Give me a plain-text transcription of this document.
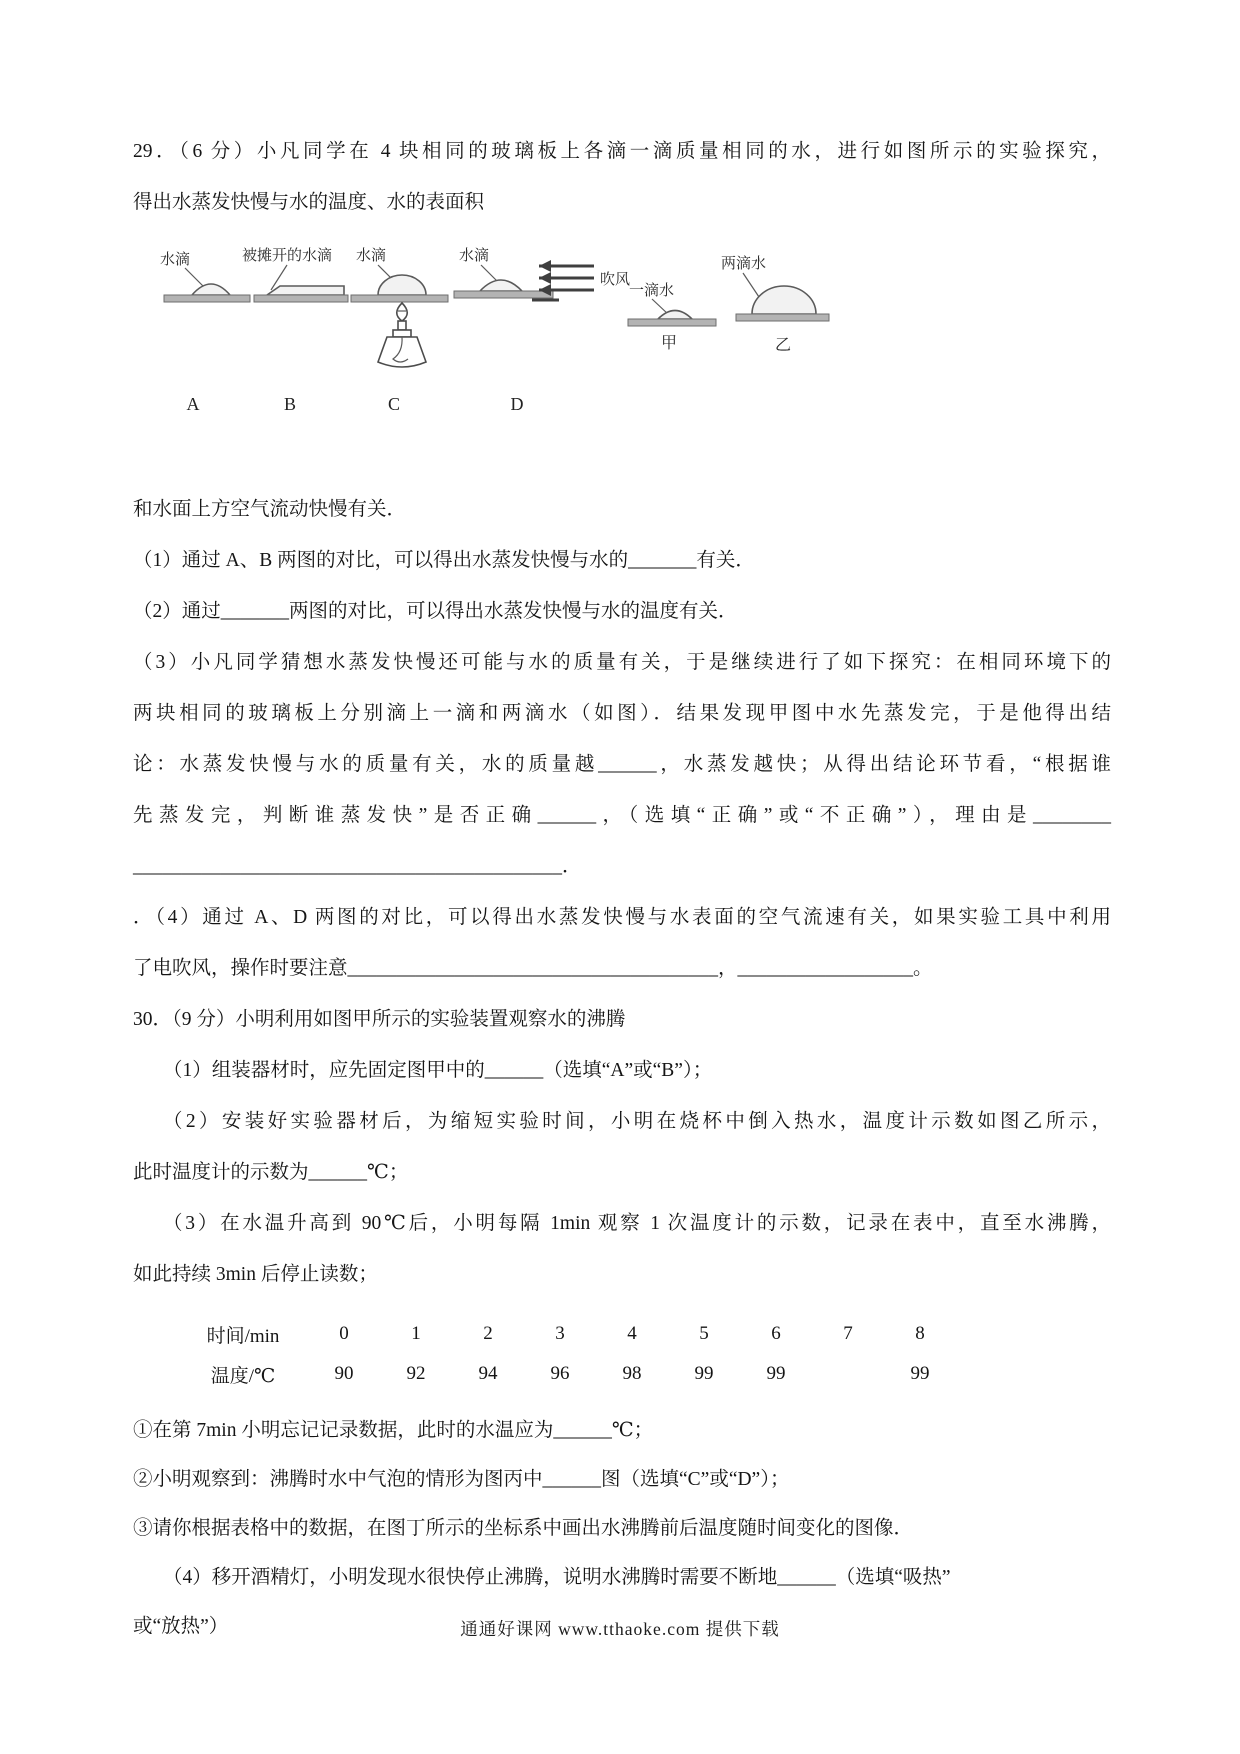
29．（6 分）小凡同学在 4 块相同的玻璃板上各滴一滴质量相同的水，进行如图所示的实验探究，

得出水蒸发快慢与水的温度、水的表面积

水滴
A
被摊开的水滴
B
水滴
C
水滴
吹风
D
一滴水
甲
两滴水
乙

和水面上方空气流动快慢有关．

（1）通过 A、B 两图的对比，可以得出水蒸发快慢与水的_______有关．

（2）通过_______两图的对比，可以得出水蒸发快慢与水的温度有关．

（3）小凡同学猜想水蒸发快慢还可能与水的质量有关，于是继续进行了如下探究：在相同环境下的

两块相同的玻璃板上分别滴上一滴和两滴水（如图）．结果发现甲图中水先蒸发完，于是他得出结

论：水蒸发快慢与水的质量有关，水的质量越______，水蒸发越快；从得出结论环节看，“根据谁

先蒸发完，判断谁蒸发快”是否正确______，（选填“正确”或“不正确”），理由是________

____________________________________________．

．（4）通过 A、D 两图的对比，可以得出水蒸发快慢与水表面的空气流速有关，如果实验工具中利用

了电吹风，操作时要注意______________________________________，__________________。

30．（9 分）小明利用如图甲所示的实验装置观察水的沸腾

（1）组装器材时，应先固定图甲中的______（选填“A”或“B”）；

（2）安装好实验器材后，为缩短实验时间，小明在烧杯中倒入热水，温度计示数如图乙所示，

此时温度计的示数为______℃；

（3）在水温升高到 90℃后，小明每隔 1min 观察 1 次温度计的示数，记录在表中，直至水沸腾，

如此持续 3min 后停止读数；

时间/min	0	1	2	3	4	5	6	7	8
温度/℃	90	92	94	96	98	99	99		99

①在第 7min 小明忘记记录数据，此时的水温应为______℃；

②小明观察到：沸腾时水中气泡的情形为图丙中______图（选填“C”或“D”）；

③请你根据表格中的数据，在图丁所示的坐标系中画出水沸腾前后温度随时间变化的图像．

（4）移开酒精灯，小明发现水很快停止沸腾，说明水沸腾时需要不断地______（选填“吸热”

或“放热”）	通通好课网 www.tthaoke.com 提供下载
